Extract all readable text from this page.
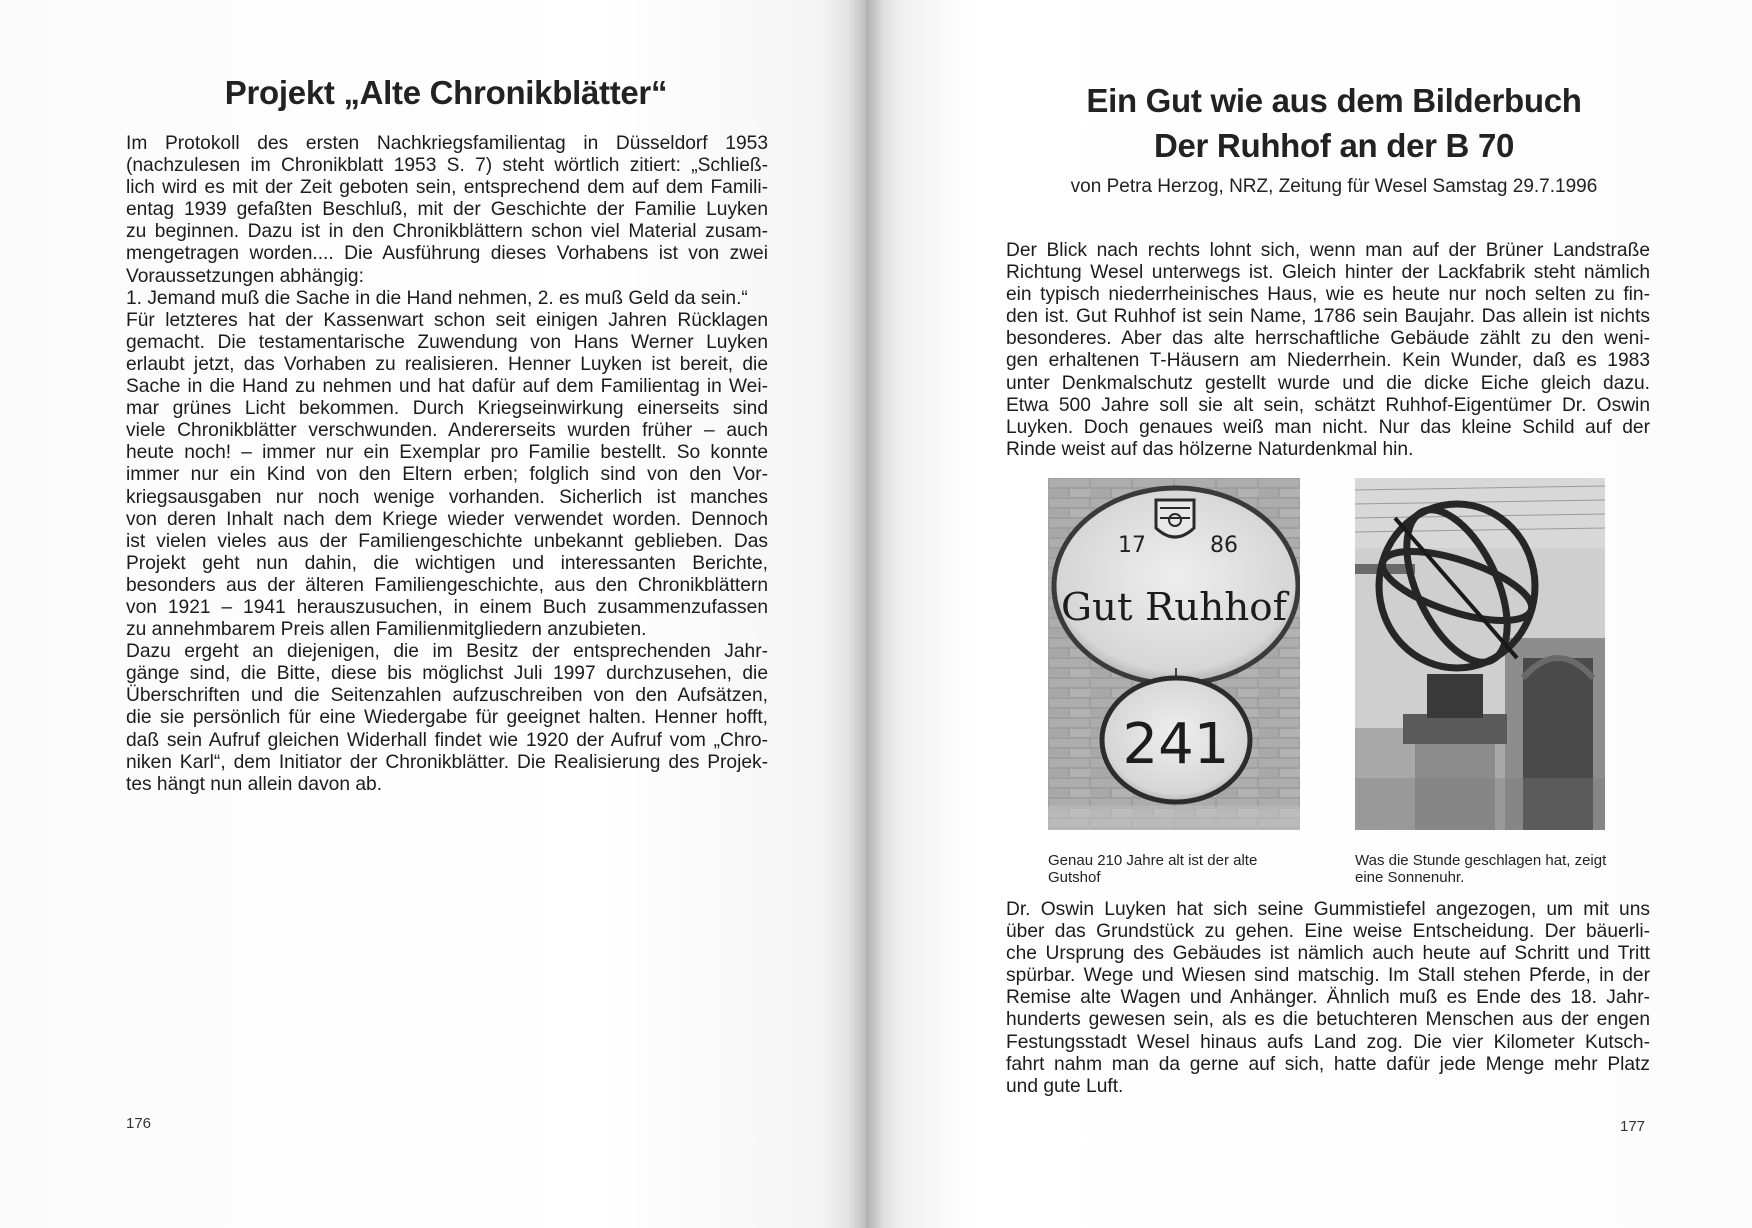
Projekt „Alte Chronikblätter“
Im Protokoll des ersten Nachkriegsfamilientag in Düsseldorf 1953
(nachzulesen im Chronikblatt 1953 S. 7) steht wörtlich zitiert: „Schließ-
lich wird es mit der Zeit geboten sein, entsprechend dem auf dem Famili-
entag 1939 gefaßten Beschluß, mit der Geschichte der Familie Luyken
zu beginnen. Dazu ist in den Chronikblättern schon viel Material zusam-
mengetragen worden.... Die Ausführung dieses Vorhabens ist von zwei
Voraussetzungen abhängig:
1. Jemand muß die Sache in die Hand nehmen, 2. es muß Geld da sein.“
Für letzteres hat der Kassenwart schon seit einigen Jahren Rücklagen
gemacht. Die testamentarische Zuwendung von Hans Werner Luyken
erlaubt jetzt, das Vorhaben zu realisieren. Henner Luyken ist bereit, die
Sache in die Hand zu nehmen und hat dafür auf dem Familientag in Wei-
mar grünes Licht bekommen. Durch Kriegseinwirkung einerseits sind
viele Chronikblätter verschwunden. Andererseits wurden früher – auch
heute noch! – immer nur ein Exemplar pro Familie bestellt. So konnte
immer nur ein Kind von den Eltern erben; folglich sind von den Vor-
kriegsausgaben nur noch wenige vorhanden. Sicherlich ist manches
von deren Inhalt nach dem Kriege wieder verwendet worden. Dennoch
ist vielen vieles aus der Familiengeschichte unbekannt geblieben. Das
Projekt geht nun dahin, die wichtigen und interessanten Berichte,
besonders aus der älteren Familiengeschichte, aus den Chronikblättern
von 1921 – 1941 herauszusuchen, in einem Buch zusammenzufassen
zu annehmbarem Preis allen Familienmitgliedern anzubieten.
Dazu ergeht an diejenigen, die im Besitz der entsprechenden Jahr-
gänge sind, die Bitte, diese bis möglichst Juli 1997 durchzusehen, die
Überschriften und die Seitenzahlen aufzuschreiben von den Aufsätzen,
die sie persönlich für eine Wiedergabe für geeignet halten. Henner hofft,
daß sein Aufruf gleichen Widerhall findet wie 1920 der Aufruf vom „Chro-
niken Karl“, dem Initiator der Chronikblätter. Die Realisierung des Projek-
tes hängt nun allein davon ab.
176
Ein Gut wie aus dem Bilderbuch
Der Ruhhof an der B 70
von Petra Herzog, NRZ, Zeitung für Wesel Samstag 29.7.1996
Der Blick nach rechts lohnt sich, wenn man auf der Brüner Landstraße
Richtung Wesel unterwegs ist. Gleich hinter der Lackfabrik steht nämlich
ein typisch niederrheinisches Haus, wie es heute nur noch selten zu fin-
den ist. Gut Ruhhof ist sein Name, 1786 sein Baujahr. Das allein ist nichts
besonderes. Aber das alte herrschaftliche Gebäude zählt zu den weni-
gen erhaltenen T-Häusern am Niederrhein. Kein Wunder, daß es 1983
unter Denkmalschutz gestellt wurde und die dicke Eiche gleich dazu.
Etwa 500 Jahre soll sie alt sein, schätzt Ruhhof-Eigentümer Dr. Oswin
Luyken. Doch genaues weiß man nicht. Nur das kleine Schild auf der
Rinde weist auf das hölzerne Naturdenkmal hin.
17	86
Gut Ruhhof
241
Genau 210 Jahre alt ist der alte Gutshof
Was die Stunde geschlagen hat, zeigt eine Sonnenuhr.
Dr. Oswin Luyken hat sich seine Gummistiefel angezogen, um mit uns
über das Grundstück zu gehen. Eine weise Entscheidung. Der bäuerli-
che Ursprung des Gebäudes ist nämlich auch heute auf Schritt und Tritt
spürbar. Wege und Wiesen sind matschig. Im Stall stehen Pferde, in der
Remise alte Wagen und Anhänger. Ähnlich muß es Ende des 18. Jahr-
hunderts gewesen sein, als es die betuchteren Menschen aus der engen
Festungsstadt Wesel hinaus aufs Land zog. Die vier Kilometer Kutsch-
fahrt nahm man da gerne auf sich, hatte dafür jede Menge mehr Platz
und gute Luft.
177
